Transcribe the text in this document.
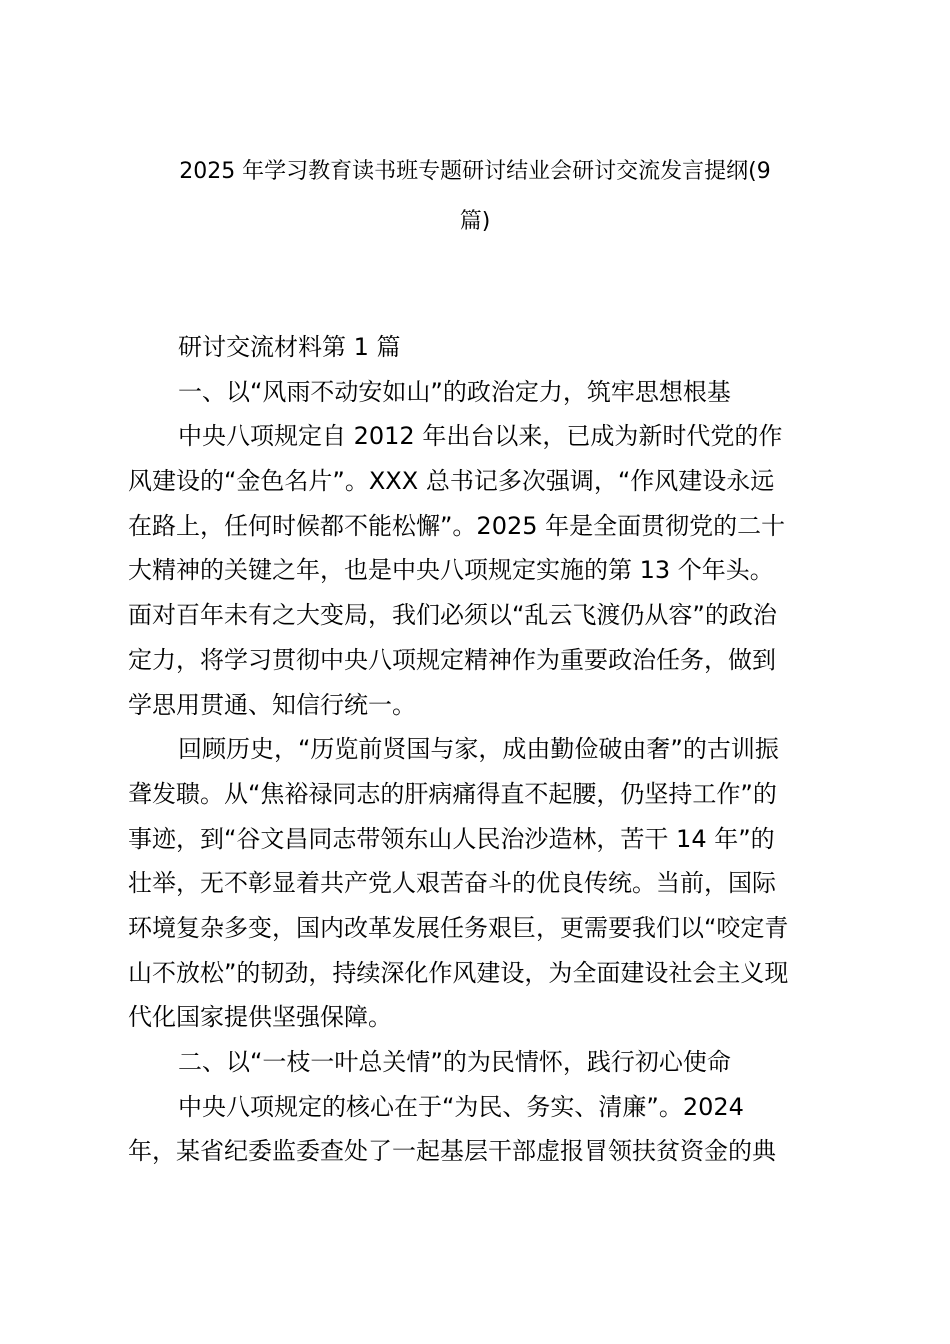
2025 年学习教育读书班专题研讨结业会研讨交流发言提纲(9
篇)
研讨交流材料第 1 篇
一、以“风雨不动安如山”的政治定力，筑牢思想根基
中央八项规定自 2012 年出台以来，已成为新时代党的作
风建设的“金色名片”。XXX 总书记多次强调，“作风建设永远
在路上，任何时候都不能松懈”。2025 年是全面贯彻党的二十
大精神的关键之年，也是中央八项规定实施的第 13 个年头。
面对百年未有之大变局，我们必须以“乱云飞渡仍从容”的政治
定力，将学习贯彻中央八项规定精神作为重要政治任务，做到
学思用贯通、知信行统一。
回顾历史，“历览前贤国与家，成由勤俭破由奢”的古训振
聋发聩。从“焦裕禄同志的肝病痛得直不起腰，仍坚持工作”的
事迹，到“谷文昌同志带领东山人民治沙造林，苦干 14 年”的
壮举，无不彰显着共产党人艰苦奋斗的优良传统。当前，国际
环境复杂多变，国内改革发展任务艰巨，更需要我们以“咬定青
山不放松”的韧劲，持续深化作风建设，为全面建设社会主义现
代化国家提供坚强保障。
二、以“一枝一叶总关情”的为民情怀，践行初心使命
中央八项规定的核心在于“为民、务实、清廉”。2024
年，某省纪委监委查处了一起基层干部虚报冒领扶贫资金的典
